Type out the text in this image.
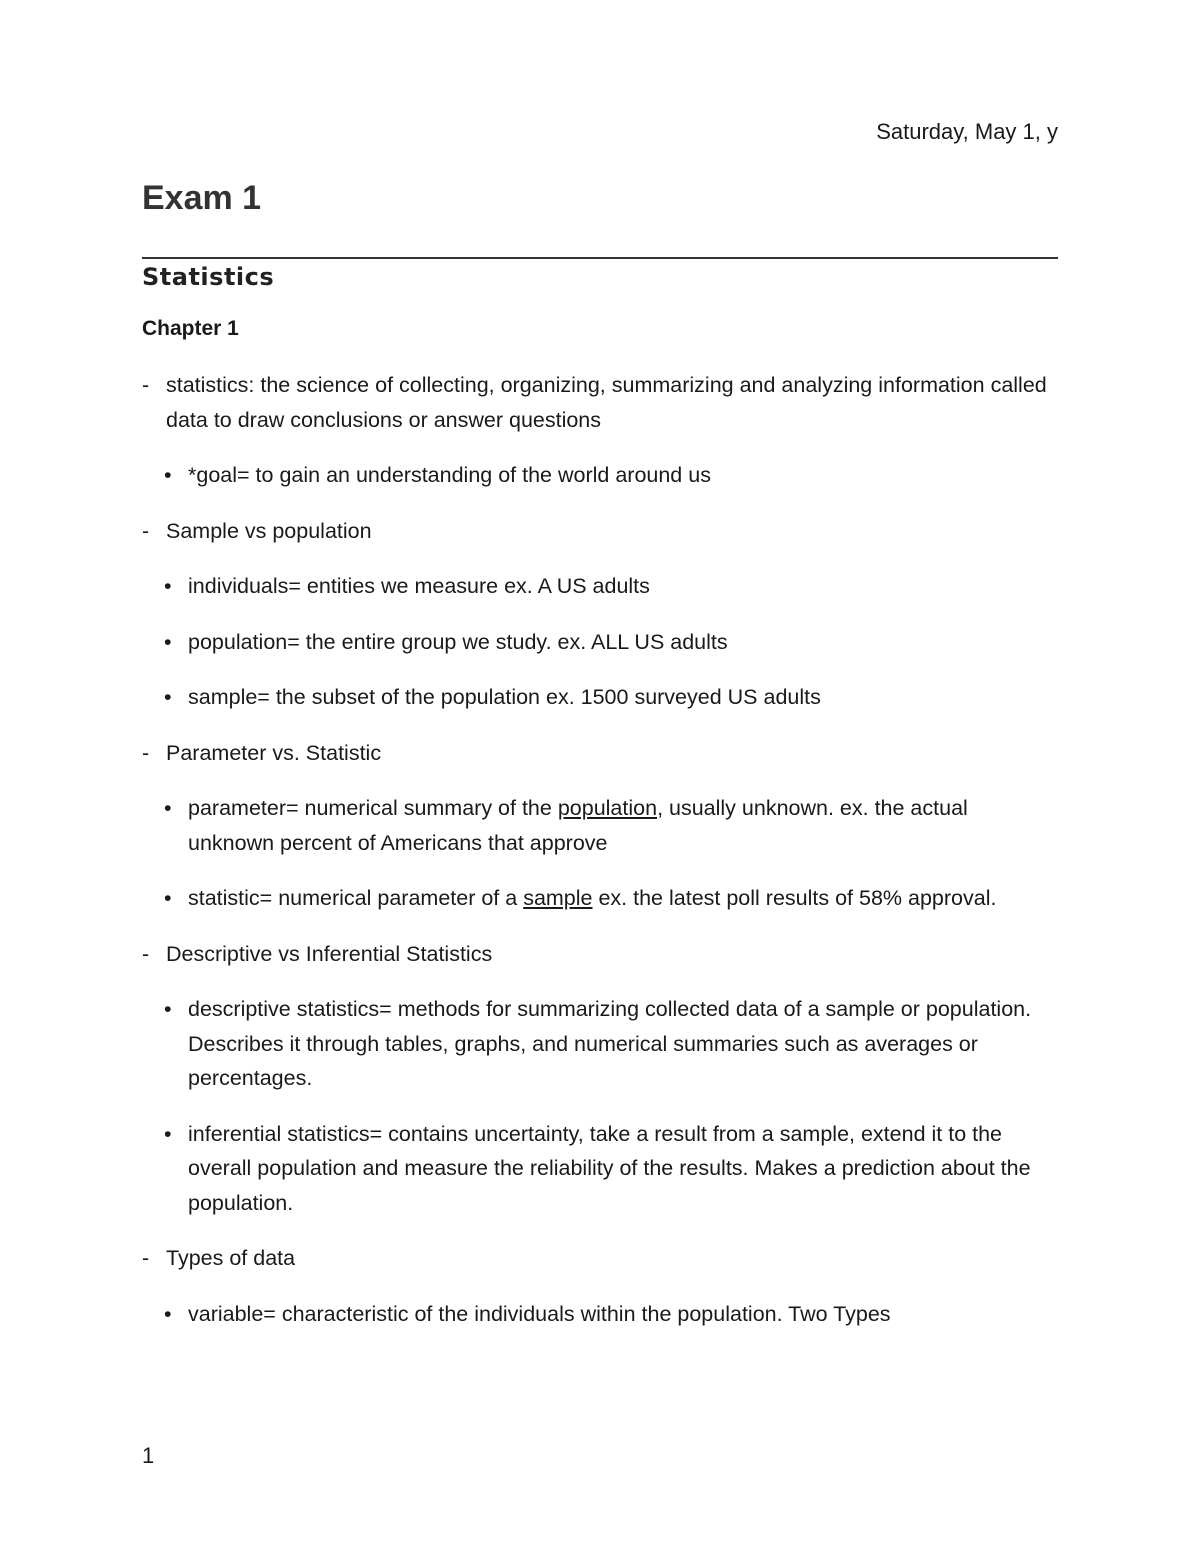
Saturday, May 1, y
Exam 1
Statistics
Chapter 1
- statistics: the science of collecting, organizing, summarizing and analyzing information called data to draw conclusions or answer questions
• *goal= to gain an understanding of the world around us
- Sample vs population
• individuals= entities we measure ex. A US adults
• population= the entire group we study. ex. ALL US adults
• sample= the subset of the population ex. 1500 surveyed US adults
- Parameter vs. Statistic
• parameter= numerical summary of the population, usually unknown. ex. the actual unknown percent of Americans that approve
• statistic= numerical parameter of a sample ex. the latest poll results of 58% approval.
- Descriptive vs Inferential Statistics
• descriptive statistics= methods for summarizing collected data of a sample or population. Describes it through tables, graphs, and numerical summaries such as averages or percentages.
• inferential statistics= contains uncertainty, take a result from a sample, extend it to the overall population and measure the reliability of the results. Makes a prediction about the population.
- Types of data
• variable= characteristic of the individuals within the population. Two Types
1
